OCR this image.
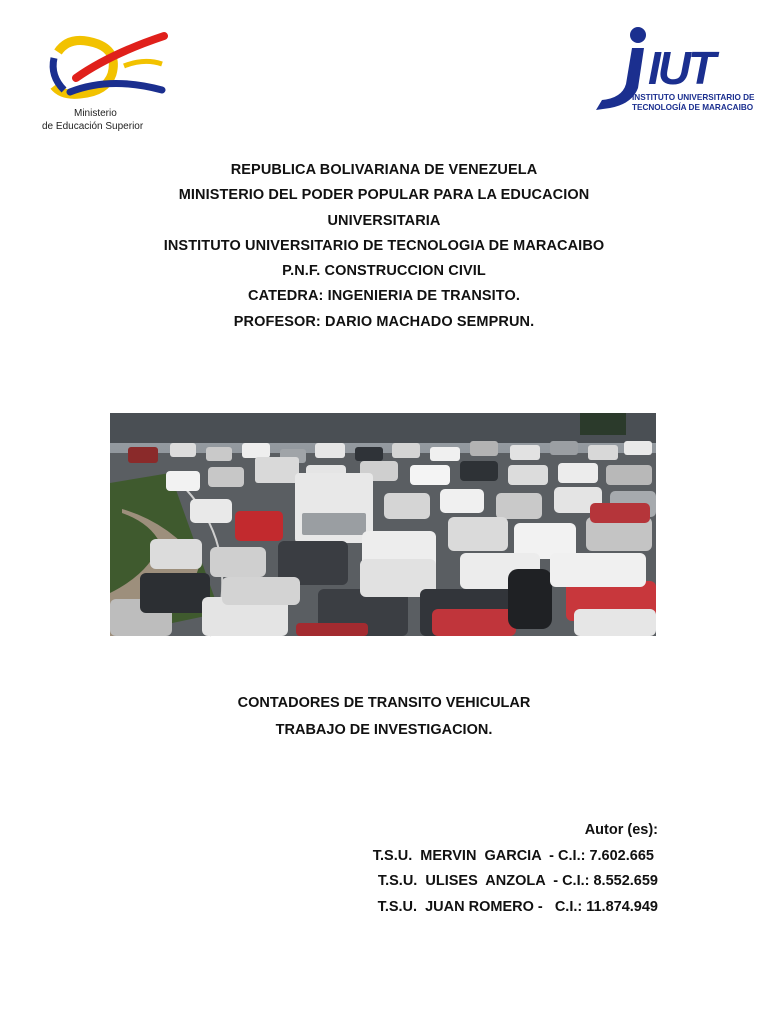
Ministerio
de Educación Superior
IUT
INSTITUTO UNIVERSITARIO DE
TECNOLOGÍA DE MARACAIBO
REPUBLICA BOLIVARIANA DE VENEZUELA
MINISTERIO DEL PODER POPULAR PARA LA EDUCACION
UNIVERSITARIA
INSTITUTO UNIVERSITARIO DE TECNOLOGIA DE MARACAIBO
P.N.F. CONSTRUCCION CIVIL
CATEDRA: INGENIERIA DE TRANSITO.
PROFESOR: DARIO MACHADO SEMPRUN.
CONTADORES DE TRANSITO VEHICULAR
TRABAJO DE INVESTIGACION.
Autor (es):
T.S.U.  MERVIN  GARCIA  - C.I.: 7.602.665
T.S.U.  ULISES  ANZOLA  - C.I.: 8.552.659
T.S.U.  JUAN ROMERO -   C.I.: 11.874.949
